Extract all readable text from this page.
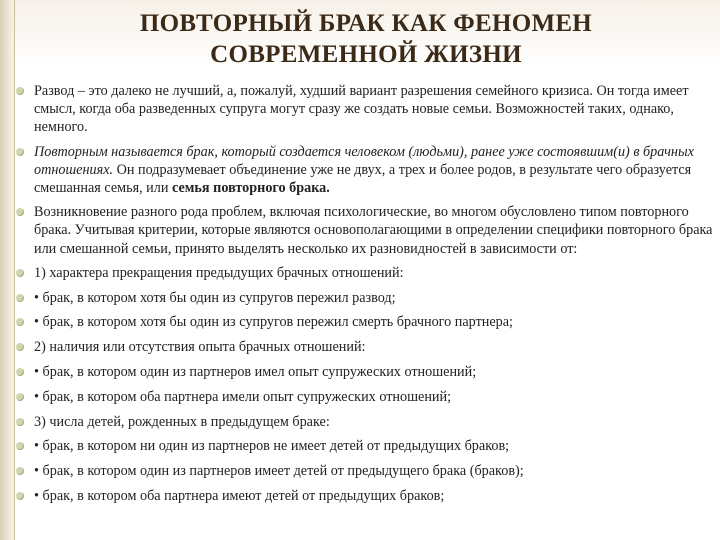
ПОВТОРНЫЙ БРАК КАК ФЕНОМЕН
СОВРЕМЕННОЙ ЖИЗНИ
Развод – это далеко не лучший, а, пожалуй, худший вариант разрешения семейного кризиса. Он тогда имеет смысл, когда оба разведенных супруга могут сразу же создать новые семьи. Возможностей таких, однако, немного.
Повторным называется брак, который создается человеком (людьми), ранее уже состоявшим(и) в брачных отношениях. Он подразумевает объединение уже не двух, а трех и более родов, в результате чего образуется смешанная семья, или семья повторного брака.
Возникновение разного рода проблем, включая психологические, во многом обусловлено типом повторного брака. Учитывая критерии, которые являются основополагающими в определении специфики повторного брака или смешанной семьи, принято выделять несколько их разновидностей в зависимости от:
1) характера прекращения предыдущих брачных отношений:
• брак, в котором хотя бы один из супругов пережил развод;
• брак, в котором хотя бы один из супругов пережил смерть брачного партнера;
2) наличия или отсутствия опыта брачных отношений:
• брак, в котором один из партнеров имел опыт супружеских отношений;
• брак, в котором оба партнера имели опыт супружеских отношений;
3) числа детей, рожденных в предыдущем браке:
• брак, в котором ни один из партнеров не имеет детей от предыдущих браков;
• брак, в котором один из партнеров имеет детей от предыдущего брака (браков);
• брак, в котором оба партнера имеют детей от предыдущих браков;
